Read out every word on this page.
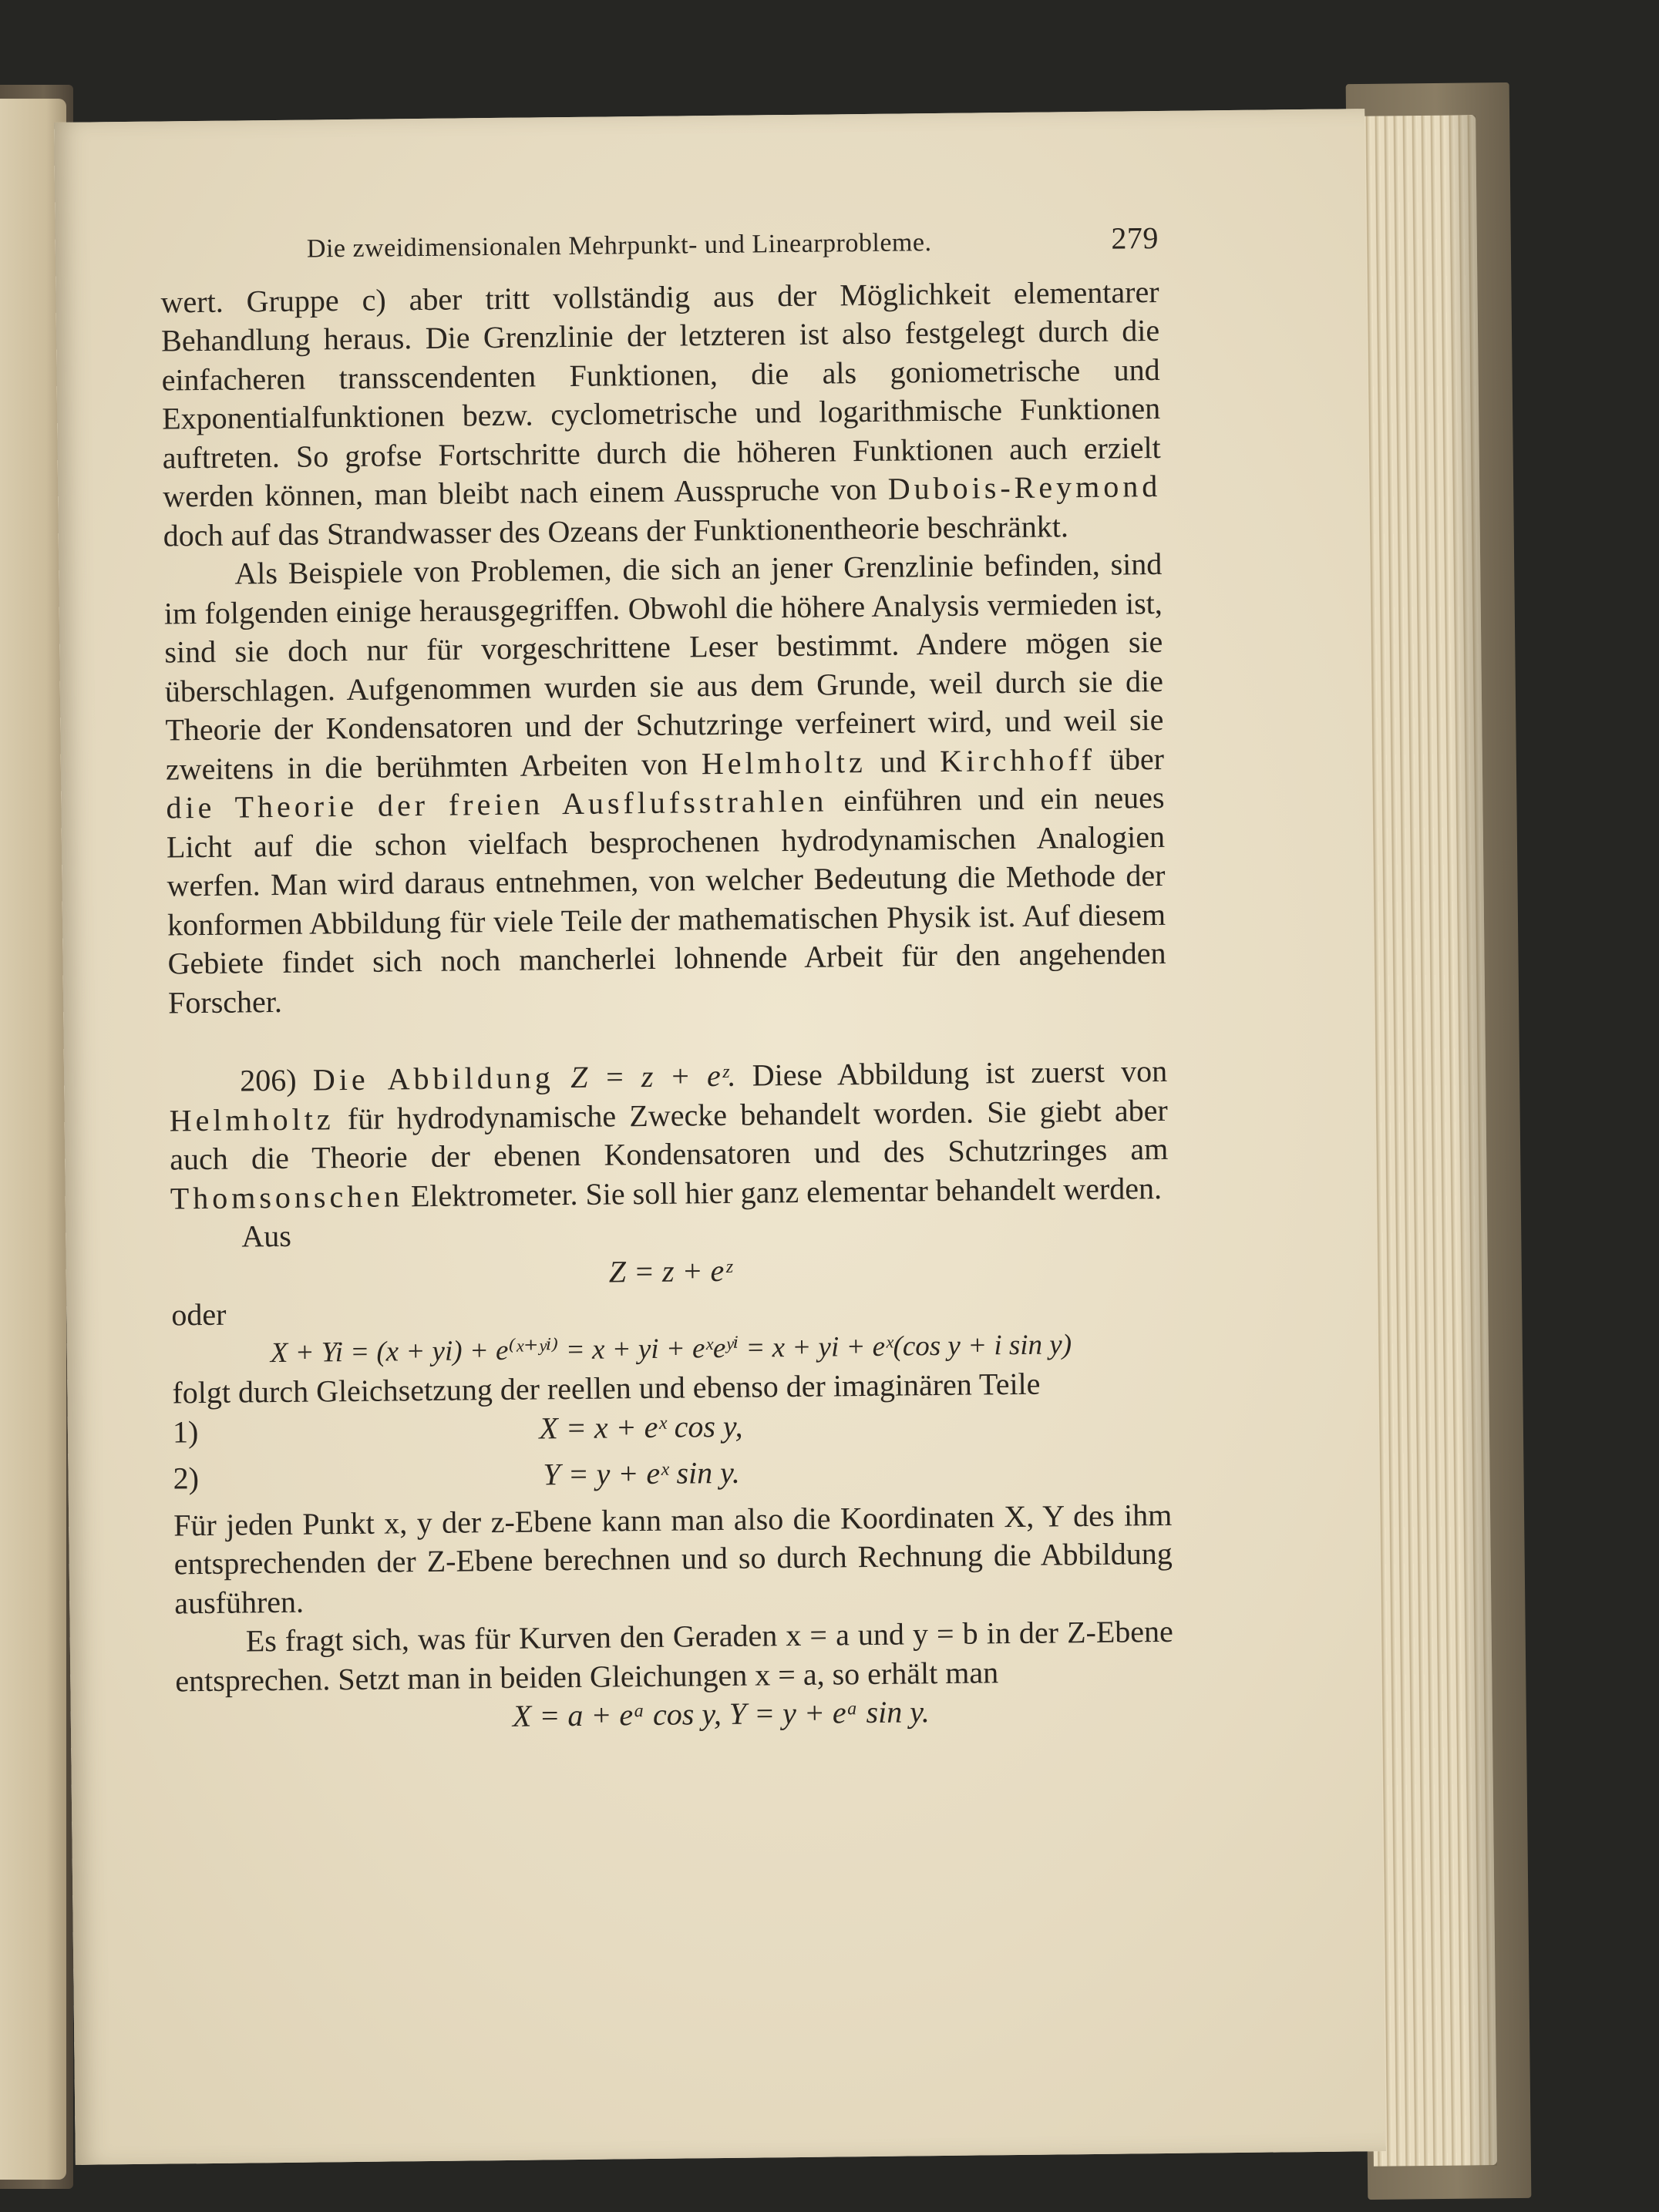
Die zweidimensionalen Mehrpunkt- und Linearprobleme.	279

wert. Gruppe c) aber tritt vollständig aus der Möglichkeit elementarer Behandlung heraus. Die Grenzlinie der letzteren ist also festgelegt durch die einfacheren transscendenten Funktionen, die als goniometrische und Exponentialfunktionen bezw. cyclometrische und logarithmische Funktionen auftreten. So grofse Fortschritte durch die höheren Funktionen auch erzielt werden können, man bleibt nach einem Ausspruche von Dubois-Reymond doch auf das Strandwasser des Ozeans der Funktionentheorie beschränkt.

Als Beispiele von Problemen, die sich an jener Grenzlinie befinden, sind im folgenden einige herausgegriffen. Obwohl die höhere Analysis vermieden ist, sind sie doch nur für vorgeschrittene Leser bestimmt. Andere mögen sie überschlagen. Aufgenommen wurden sie aus dem Grunde, weil durch sie die Theorie der Kondensatoren und der Schutzringe verfeinert wird, und weil sie zweitens in die berühmten Arbeiten von Helmholtz und Kirchhoff über die Theorie der freien Ausflufsstrahlen einführen und ein neues Licht auf die schon vielfach besprochenen hydrodynamischen Analogien werfen. Man wird daraus entnehmen, von welcher Bedeutung die Methode der konformen Abbildung für viele Teile der mathematischen Physik ist. Auf diesem Gebiete findet sich noch mancherlei lohnende Arbeit für den angehenden Forscher.

206) Die Abbildung Z = z + eᶻ. Diese Abbildung ist zuerst von Helmholtz für hydrodynamische Zwecke behandelt worden. Sie giebt aber auch die Theorie der ebenen Kondensatoren und des Schutzringes am Thomsonschen Elektrometer. Sie soll hier ganz elementar behandelt werden.

Aus

Z = z + eᶻ

oder

X + Yi = (x + yi) + e⁽ˣ⁺ʸⁱ⁾ = x + yi + eˣeʸⁱ = x + yi + eˣ(cos y + i sin y)

folgt durch Gleichsetzung der reellen und ebenso der imaginären Teile

1)	X = x + eˣ cos y,
2)	Y = y + eˣ sin y.

Für jeden Punkt x, y der z-Ebene kann man also die Koordinaten X, Y des ihm entsprechenden der Z-Ebene berechnen und so durch Rechnung die Abbildung ausführen.

Es fragt sich, was für Kurven den Geraden x = a und y = b in der Z-Ebene entsprechen. Setzt man in beiden Gleichungen x = a, so erhält man

X = a + eᵃ cos y, Y = y + eᵃ sin y.
